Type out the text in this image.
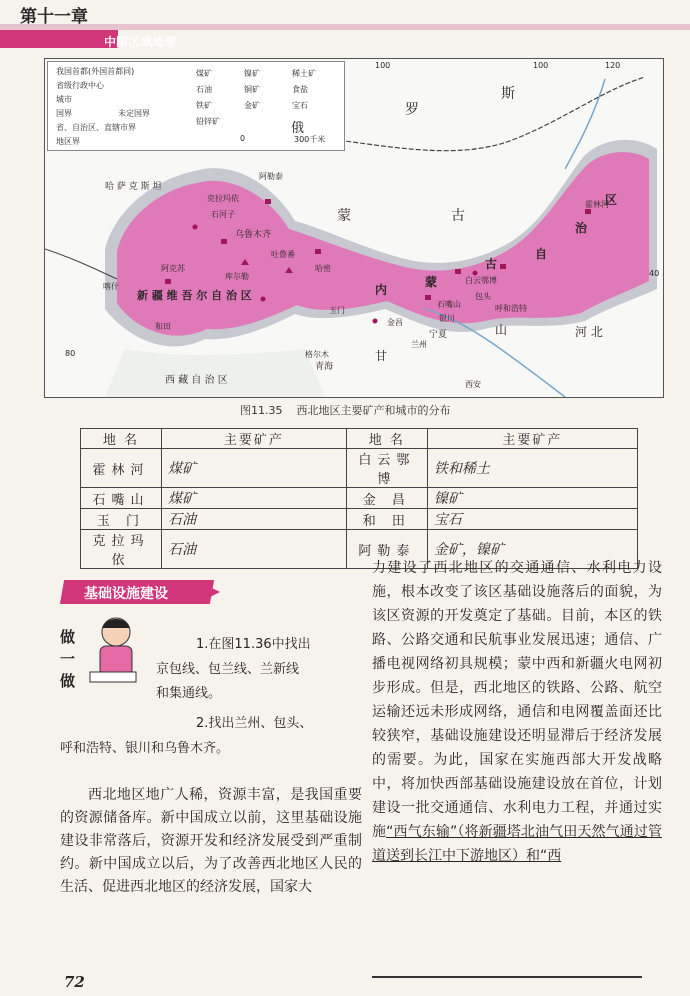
第十一章
中国区域地理
我国首都(外国首都同)
省级行政中心
城市
国界	未定国界
省、自治区、直辖市界
地区界
煤矿	镍矿	稀土矿
石油	铜矿	食盐
铁矿	金矿	宝石
铅锌矿
0	300千米
100	100	120
40
80
罗
斯
俄
蒙	古
新 疆 维 吾 尔 自 治 区	内
蒙
古
自
治
区
西 藏 自 治 区
甘
青海
河 北
山
宁夏
哈 萨 克 斯 坦
乌鲁木齐
克拉玛依
石河子
喀什
和田
阿勒泰
玉门
金昌
包头
呼和浩特
银川
兰州
西安
白云鄂博
霍林河
石嘴山
哈密
吐鲁番
库尔勒
阿克苏
格尔木
图11.35 西北地区主要矿产和城市的分布
地 名	主要矿产	地 名	主要矿产
霍林河	煤矿	白云鄂博	铁和稀土
石嘴山	煤矿	金 昌	镍矿
玉 门	石油	和 田	宝石
克拉玛依	石油	阿勒泰	金矿，镍矿
基础设施建设
做一做
1.在图11.36中找出
京包线、包兰线、兰新线
和集通线。
2.找出兰州、包头、
呼和浩特、银川和乌鲁木齐。

西北地区地广人稀，资源丰富，是我国重要的资源储备库。新中国成立以前，这里基础设施建设非常落后，资源开发和经济发展受到严重制约。新中国成立以后，为了改善西北地区人民的生活、促进西北地区的经济发展，国家大

力建设了西北地区的交通通信、水利电力设施，根本改变了该区基础设施落后的面貌，为该区资源的开发奠定了基础。目前，本区的铁路、公路交通和民航事业发展迅速；通信、广播电视网络初具规模；蒙中西和新疆火电网初步形成。但是，西北地区的铁路、公路、航空运输还远未形成网络，通信和电网覆盖面还比较狭窄，基础设施建设还明显滞后于经济发展的需要。为此，国家在实施西部大开发战略中，将加快西部基础设施建设放在首位，计划建设一批交通通信、水利电力工程，并通过实施“西气东输”（将新疆塔北油气田天然气通过管道送到长江中下游地区）和“西
72
